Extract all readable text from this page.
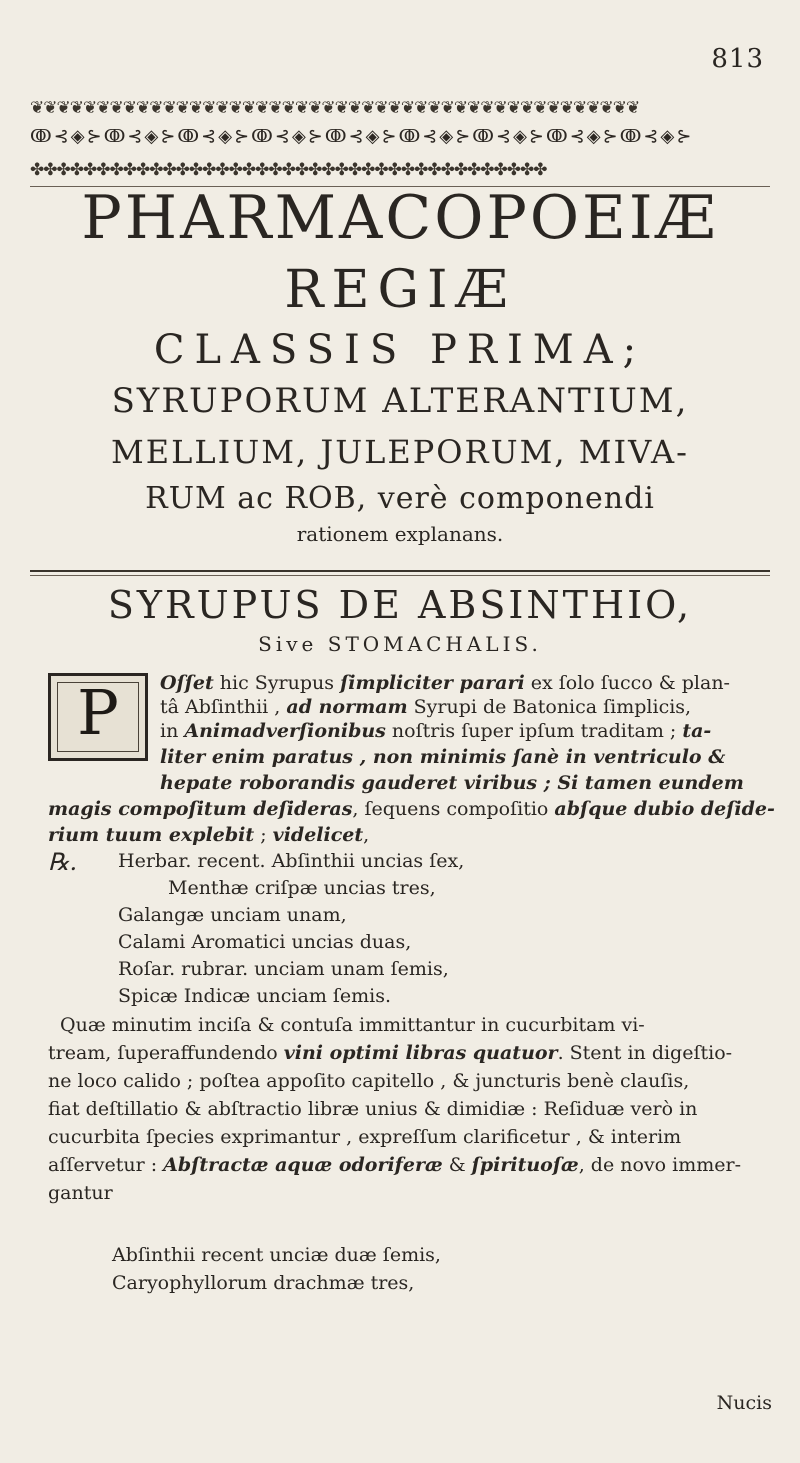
813
❦❦❦❦❦❦❦❦❦❦❦❦❦❦❦❦❦❦❦❦❦❦❦❦❦❦❦❦❦❦❦❦❦❦❦❦❦❦❦❦❦❦❦❦❦❦
ↂ⊰◈⊱ↂ⊰◈⊱ↂ⊰◈⊱ↂ⊰◈⊱ↂ⊰◈⊱ↂ⊰◈⊱ↂ⊰◈⊱ↂ⊰◈⊱ↂ⊰◈⊱
✤✤✤✤✤✤✤✤✤✤✤✤✤✤✤✤✤✤✤✤✤✤✤✤✤✤✤✤✤✤✤✤✤✤✤✤✤✤✤
PHARMACOPOEIÆ
REGIÆ
CLASSIS PRIMA;
SYRUPORUM ALTERANTIUM,
MELLIUM, JULEPORUM, MIVA-
RUM ac ROB, verè componendi
rationem explanans.
SYRUPUS DE ABSINTHIO,
Sive STOMACHALIS.
P	Oſſet hic Syrupus ſimpliciter parari ex ſolo ſucco & plan-
tâ Abſinthii , ad normam Syrupi de Batonica ſimplicis,
in Animadverſionibus noſtris ſuper ipſum traditam ; ta-
liter enim paratus , non minimis ſanè in ventriculo &
hepate roborandis gauderet viribus ; Si tamen eundem
magis compoſitum deſideras, ſequens compoſitio abſque dubio deſide-
rium tuum explebit ; videlicet,
℞. Herbar. recent. Abſinthii uncias ſex,
Menthæ criſpæ uncias tres,
Galangæ unciam unam,
Calami Aromatici uncias duas,
Roſar. rubrar. unciam unam ſemis,
Spicæ Indicæ unciam ſemis.
Quæ minutim inciſa & contuſa immittantur in cucurbitam vi-
tream, ſuperaffundendo vini optimi libras quatuor. Stent in digeſtio-
ne loco calido ; poſtea appoſito capitello , & juncturis benè clauſis,
fiat deſtillatio & abſtractio libræ unius & dimidiæ : Reſiduæ verò in
cucurbita ſpecies exprimantur , expreſſum clarificetur , & interim
aſſervetur : Abſtractæ aquæ odoriferæ & ſpirituoſæ, de novo immer-
gantur
Abſinthii recent unciæ duæ ſemis,
Caryophyllorum drachmæ tres,
Nucis
